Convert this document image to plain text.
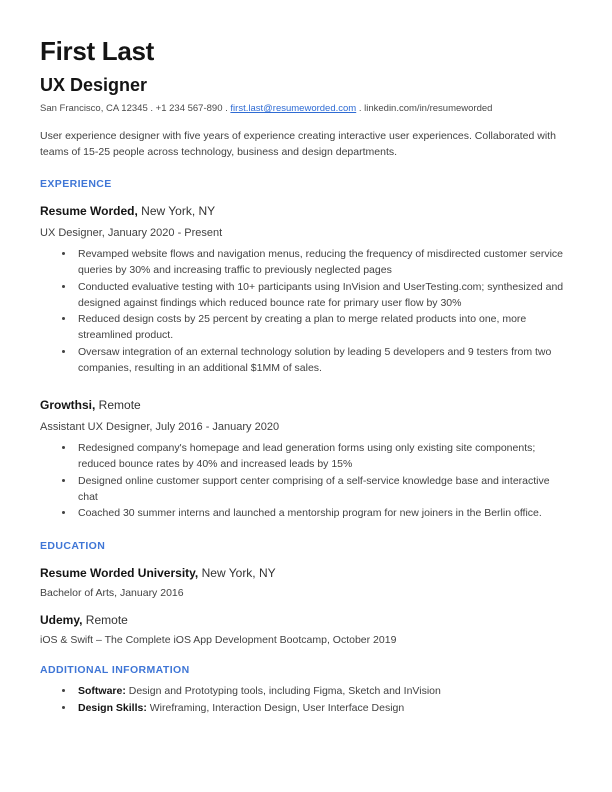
First Last
UX Designer
San Francisco, CA 12345 . +1 234 567-890 . first.last@resumeworded.com . linkedin.com/in/resumeworded

User experience designer with five years of experience creating interactive user experiences. Collaborated with teams of 15-25 people across technology, business and design departments.

EXPERIENCE
Resume Worded, New York, NY
UX Designer, January 2020 - Present
• Revamped website flows and navigation menus, reducing the frequency of misdirected customer service queries by 30% and increasing traffic to previously neglected pages
• Conducted evaluative testing with 10+ participants using InVision and UserTesting.com; synthesized and designed against findings which reduced bounce rate for primary user flow by 30%
• Reduced design costs by 25 percent by creating a plan to merge related products into one, more streamlined product.
• Oversaw integration of an external technology solution by leading 5 developers and 9 testers from two companies, resulting in an additional $1MM of sales.
Growthsi, Remote
Assistant UX Designer, July 2016 - January 2020
• Redesigned company's homepage and lead generation forms using only existing site components; reduced bounce rates by 40% and increased leads by 15%
• Designed online customer support center comprising of a self-service knowledge base and interactive chat
• Coached 30 summer interns and launched a mentorship program for new joiners in the Berlin office.
EDUCATION
Resume Worded University, New York, NY
Bachelor of Arts, January 2016
Udemy, Remote
iOS & Swift – The Complete iOS App Development Bootcamp, October 2019
ADDITIONAL INFORMATION
• Software: Design and Prototyping tools, including Figma, Sketch and InVision
• Design Skills: Wireframing, Interaction Design, User Interface Design
